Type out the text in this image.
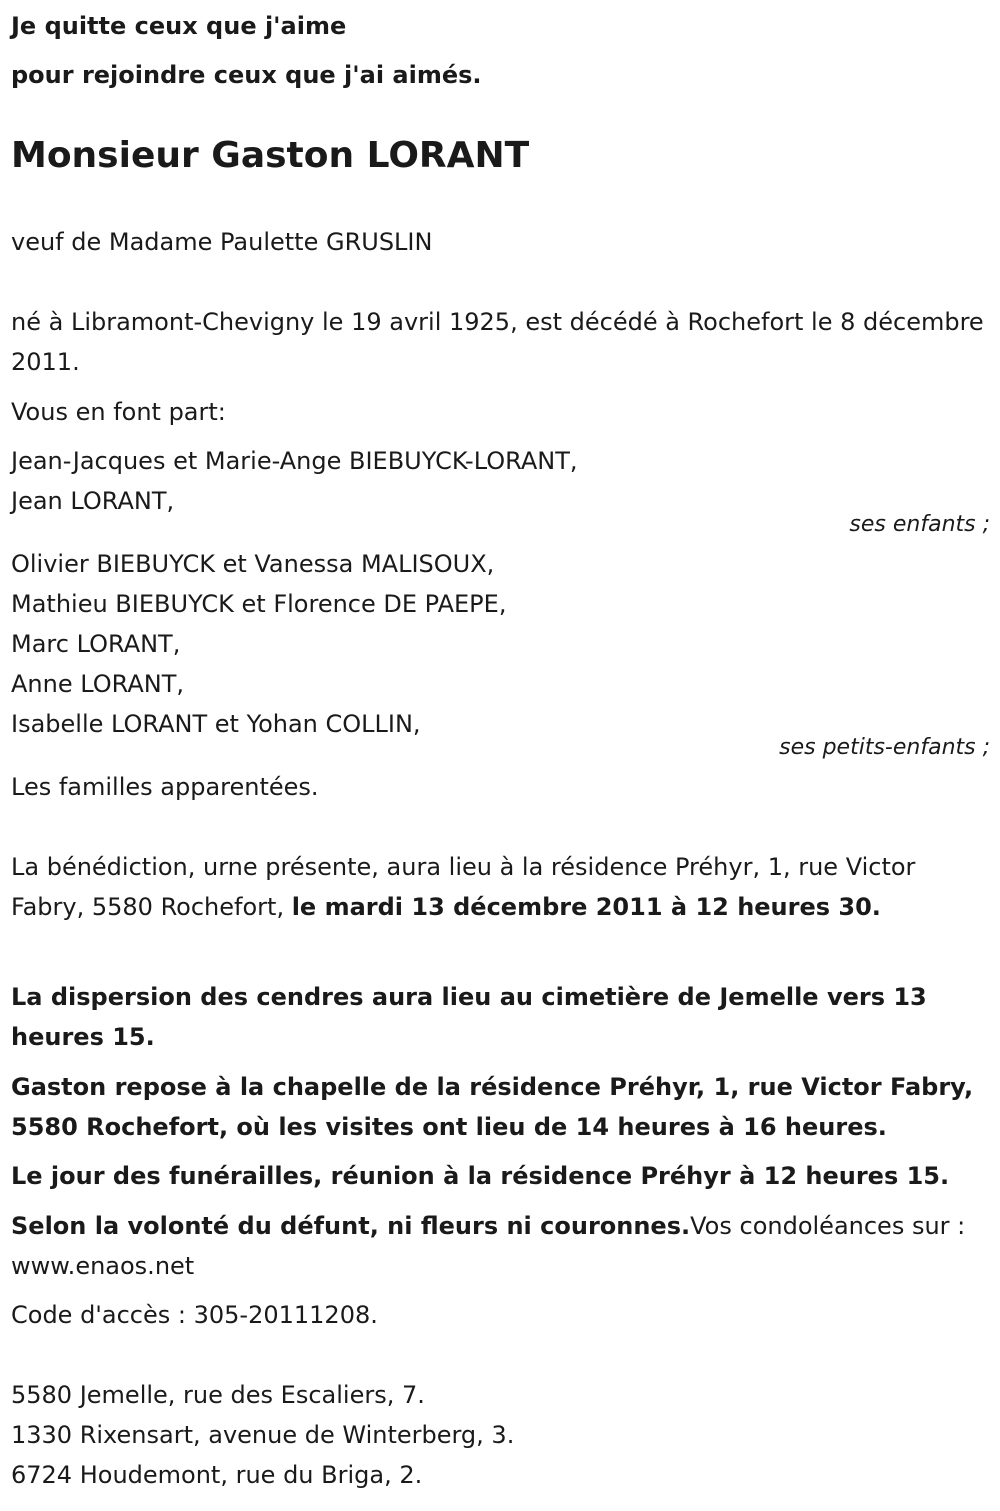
Je quitte ceux que j'aime
pour rejoindre ceux que j'ai aimés.
Monsieur Gaston LORANT
veuf de Madame Paulette GRUSLIN
né à Libramont-Chevigny le 19 avril 1925, est décédé à Rochefort le 8 décembre 2011.
Vous en font part:
Jean-Jacques et Marie-Ange BIEBUYCK-LORANT,
Jean LORANT,
ses enfants ;
Olivier BIEBUYCK et Vanessa MALISOUX,
Mathieu BIEBUYCK et Florence DE PAEPE,
Marc LORANT,
Anne LORANT,
Isabelle LORANT et Yohan COLLIN,
ses petits-enfants ;
Les familles apparentées.
La bénédiction, urne présente, aura lieu à la résidence Préhyr, 1, rue Victor Fabry, 5580 Rochefort, le mardi 13 décembre 2011 à 12 heures 30.
La dispersion des cendres aura lieu au cimetière de Jemelle vers 13 heures 15.
Gaston repose à la chapelle de la résidence Préhyr, 1, rue Victor Fabry, 5580 Rochefort, où les visites ont lieu de 14 heures à 16 heures.
Le jour des funérailles, réunion à la résidence Préhyr à 12 heures 15.
Selon la volonté du défunt, ni fleurs ni couronnes.Vos condoléances sur : www.enaos.net
Code d'accès : 305-20111208.
5580 Jemelle, rue des Escaliers, 7.
1330 Rixensart, avenue de Winterberg, 3.
6724 Houdemont, rue du Briga, 2.
